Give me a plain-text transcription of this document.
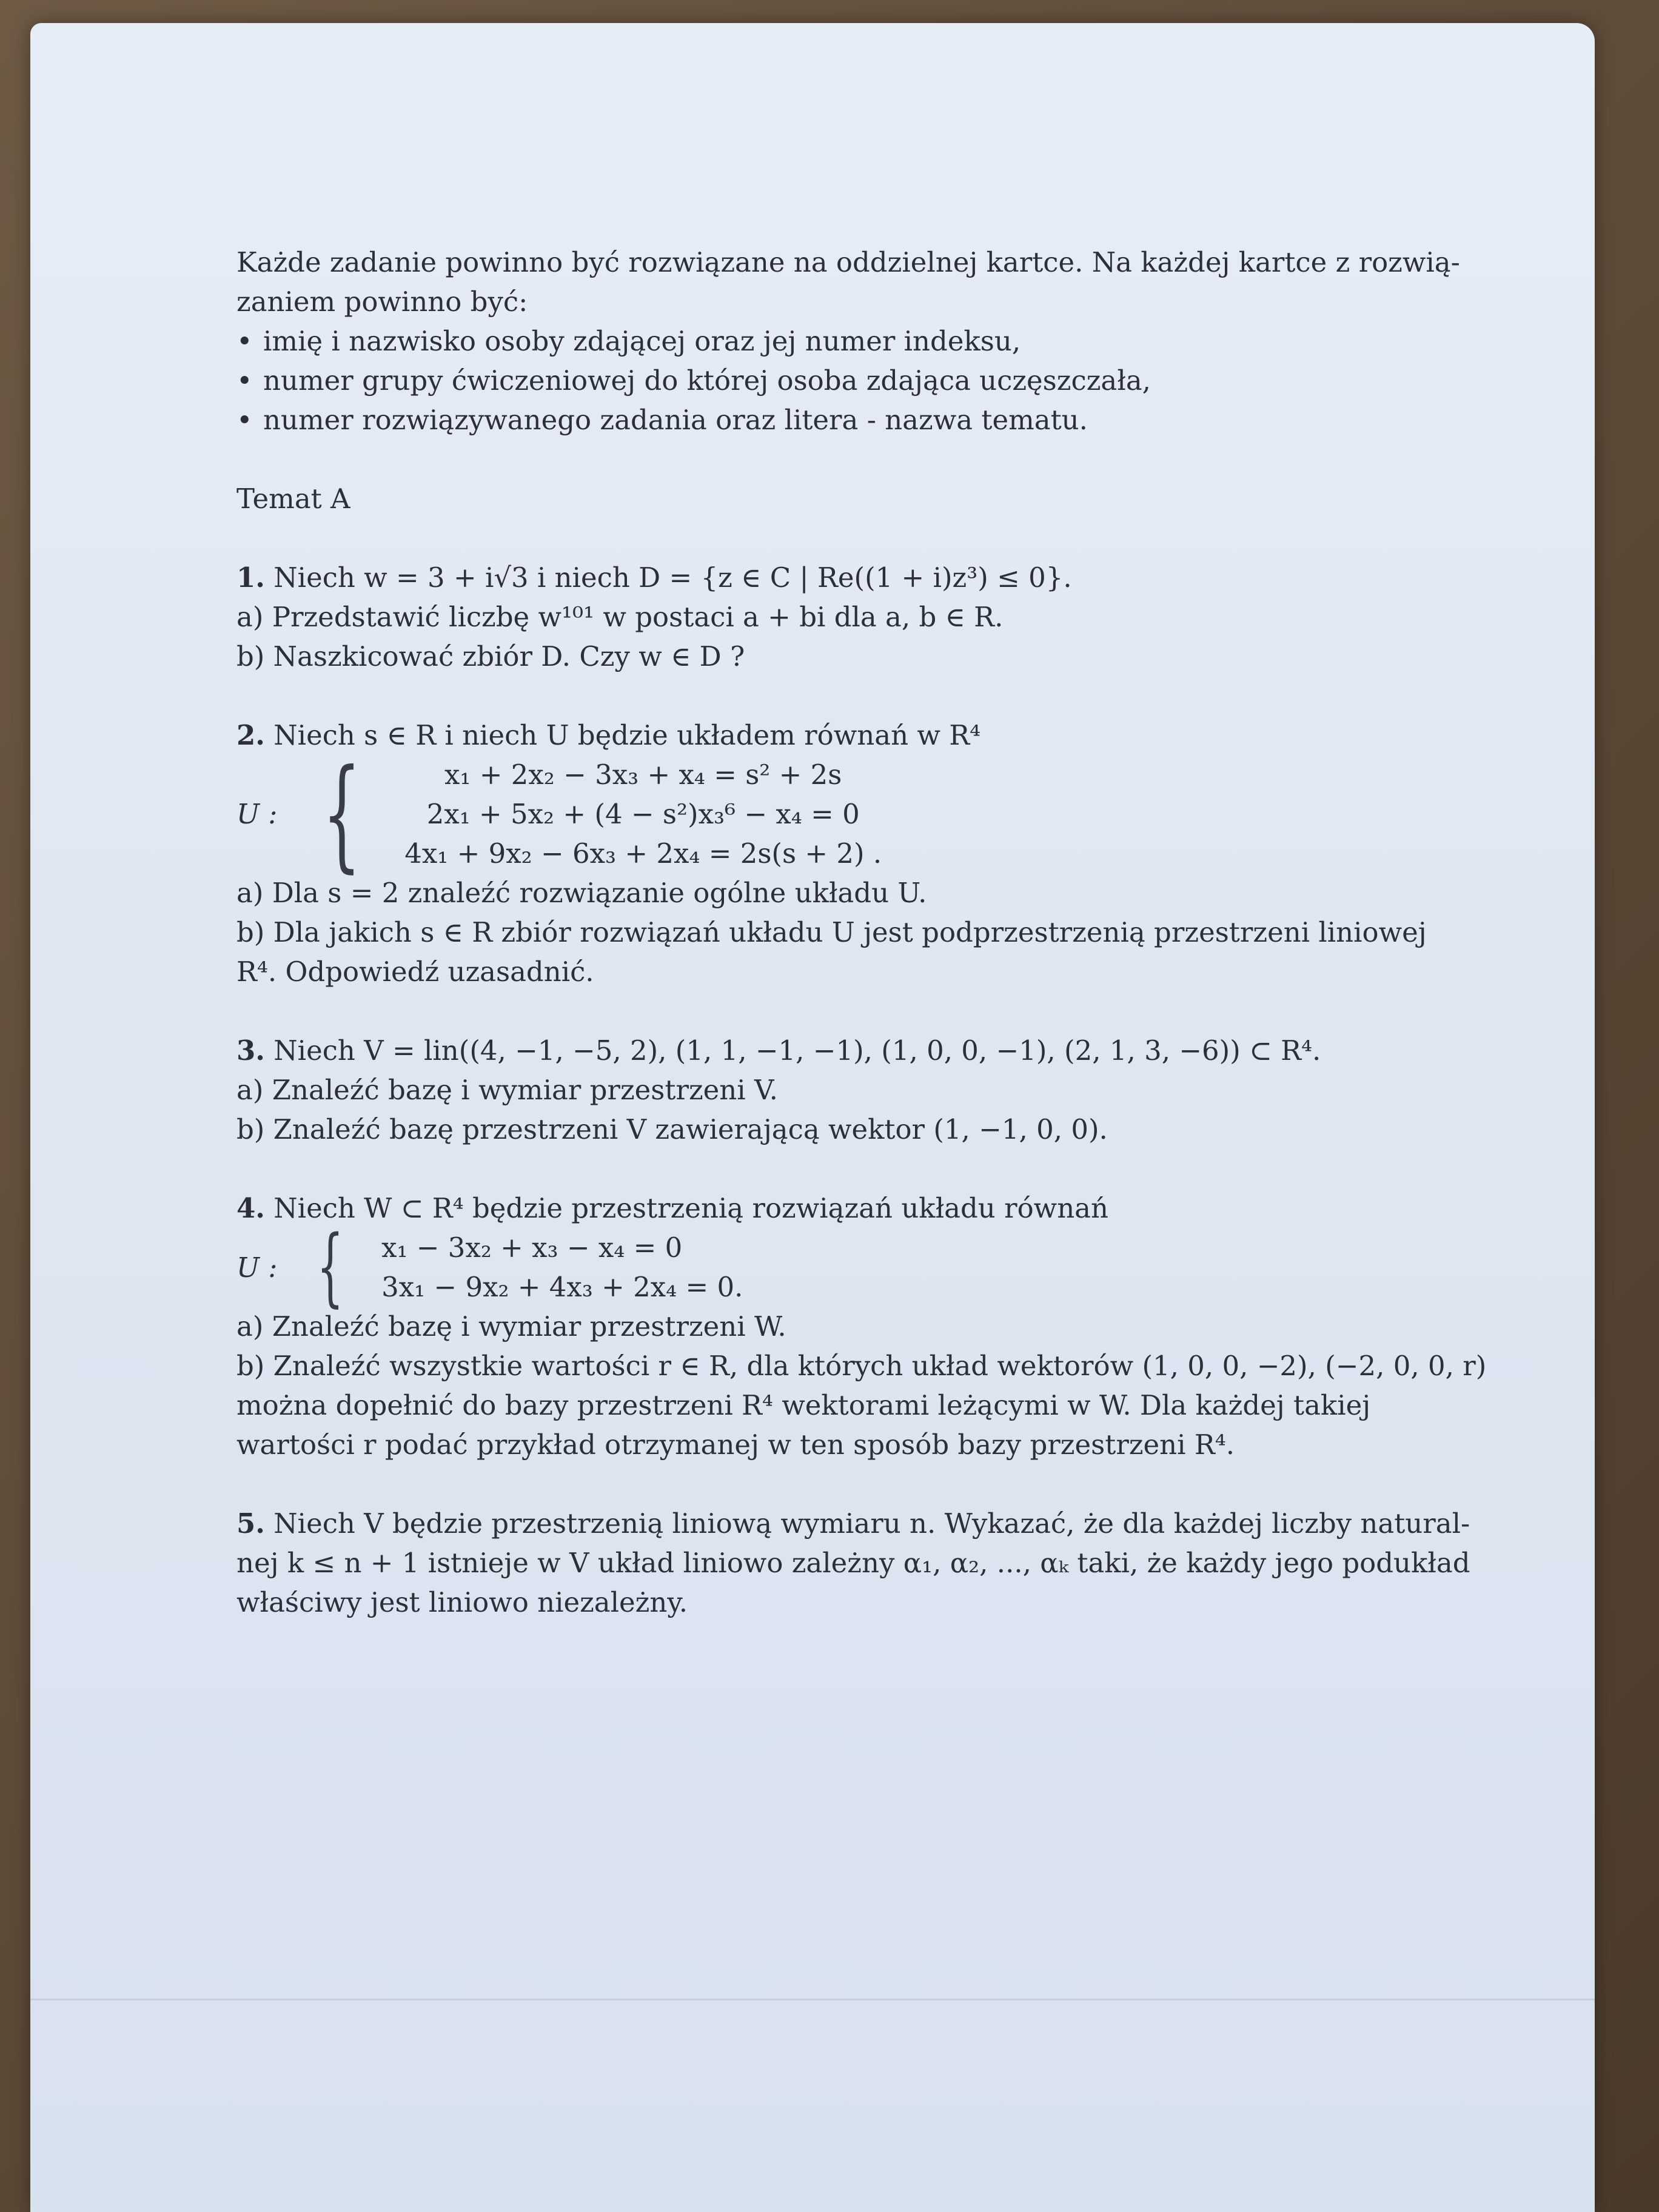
Każde zadanie powinno być rozwiązane na oddzielnej kartce. Na każdej kartce z rozwią-

zaniem powinno być:

• imię i nazwisko osoby zdającej oraz jej numer indeksu,

• numer grupy ćwiczeniowej do której osoba zdająca uczęszczała,

• numer rozwiązywanego zadania oraz litera - nazwa tematu.

Temat A

1. Niech w = 3 + i√3 i niech D = {z ∈ C | Re((1 + i)z³) ≤ 0}.

a) Przedstawić liczbę w¹⁰¹ w postaci a + bi dla a, b ∈ R.

b) Naszkicować zbiór D. Czy w ∈ D ?

2. Niech s ∈ R i niech U będzie układem równań w R⁴

U : {	x₁ + 2x₂ − 3x₃ + x₄ = s² + 2s

2x₁ + 5x₂ + (4 − s²)x₃⁶ − x₄ = 0

4x₁ + 9x₂ − 6x₃ + 2x₄ = 2s(s + 2) .

a) Dla s = 2 znaleźć rozwiązanie ogólne układu U.

b) Dla jakich s ∈ R zbiór rozwiązań układu U jest podprzestrzenią przestrzeni liniowej

R⁴. Odpowiedź uzasadnić.

3. Niech V = lin((4, −1, −5, 2), (1, 1, −1, −1), (1, 0, 0, −1), (2, 1, 3, −6)) ⊂ R⁴.

a) Znaleźć bazę i wymiar przestrzeni V.

b) Znaleźć bazę przestrzeni V zawierającą wektor (1, −1, 0, 0).

4. Niech W ⊂ R⁴ będzie przestrzenią rozwiązań układu równań

U : { x₁ − 3x₂ + x₃ − x₄ = 0

3x₁ − 9x₂ + 4x₃ + 2x₄ = 0.

a) Znaleźć bazę i wymiar przestrzeni W.

b) Znaleźć wszystkie wartości r ∈ R, dla których układ wektorów (1, 0, 0, −2), (−2, 0, 0, r)

można dopełnić do bazy przestrzeni R⁴ wektorami leżącymi w W. Dla każdej takiej

wartości r podać przykład otrzymanej w ten sposób bazy przestrzeni R⁴.

5. Niech V będzie przestrzenią liniową wymiaru n. Wykazać, że dla każdej liczby natural-

nej k ≤ n + 1 istnieje w V układ liniowo zależny α₁, α₂, ..., αₖ taki, że każdy jego podukład

właściwy jest liniowo niezależny.
